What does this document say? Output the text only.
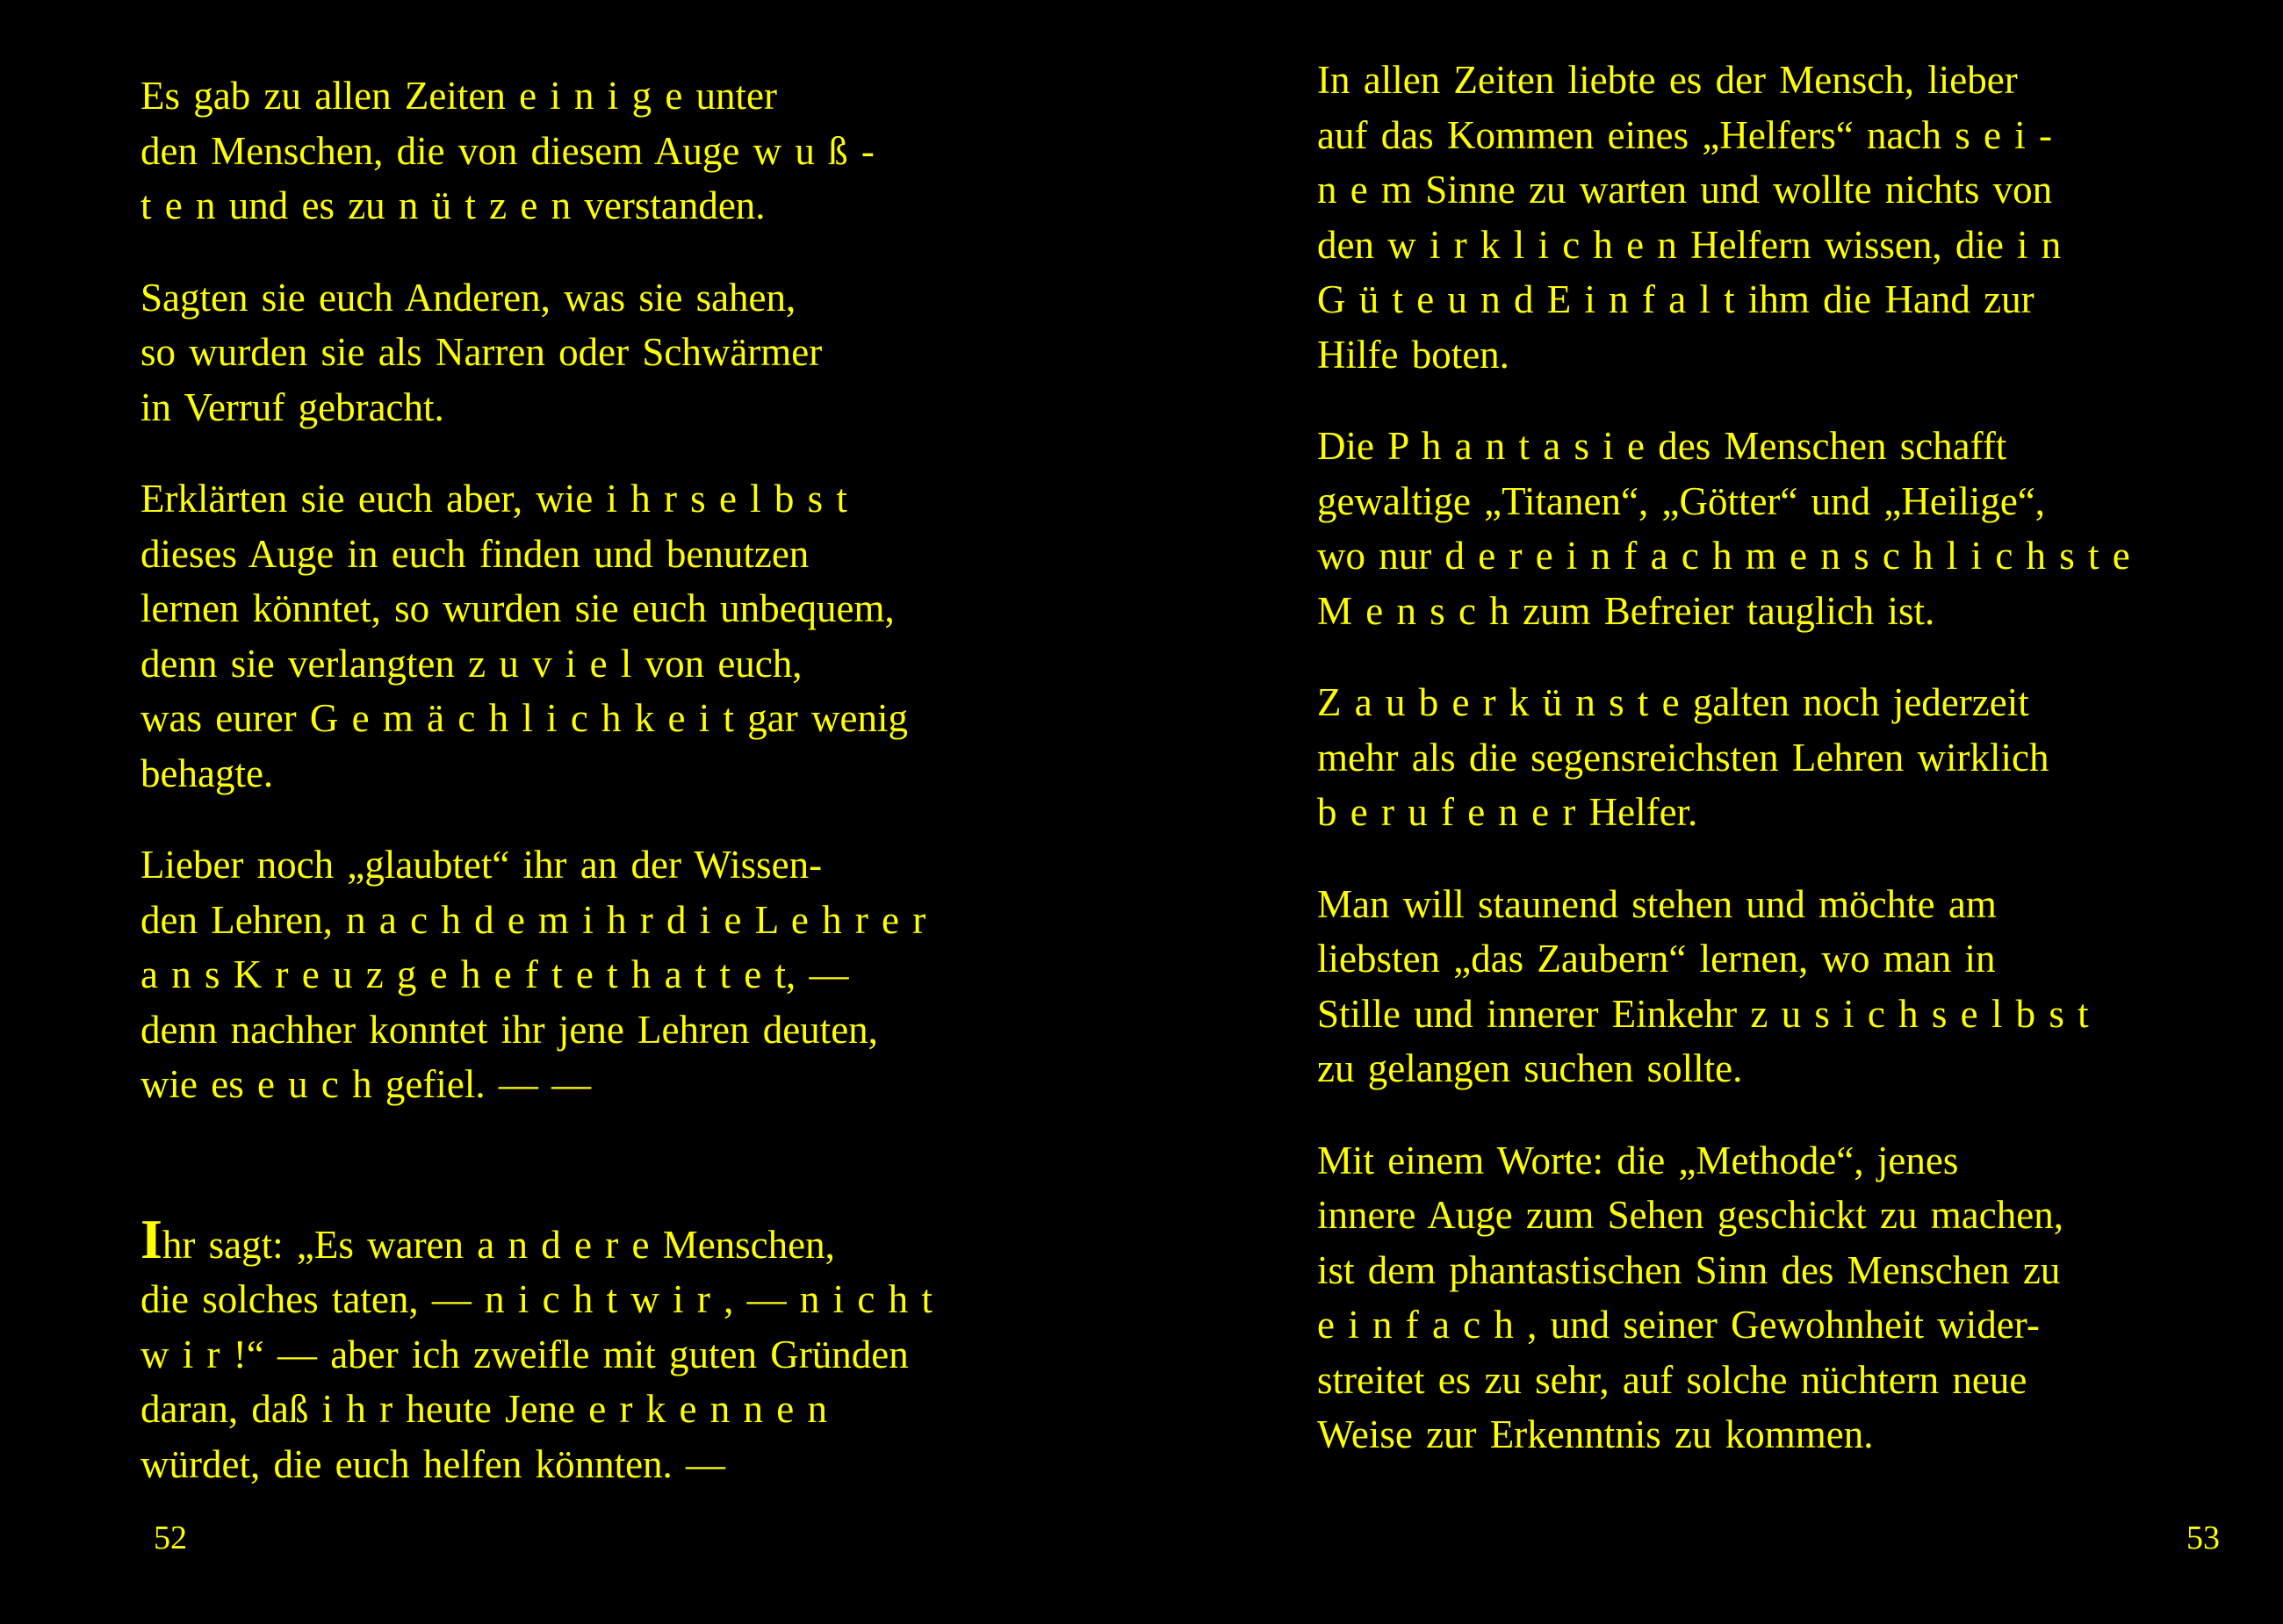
Es gab zu allen Zeiten e i n i g e unter
den Menschen, die von diesem Auge w u ß -
t e n und es zu n ü t z e n verstanden.

Sagten sie euch Anderen, was sie sahen,
so wurden sie als Narren oder Schwärmer
in Verruf gebracht.

Erklärten sie euch aber, wie i h r s e l b s t
dieses Auge in euch finden und benutzen
lernen könntet, so wurden sie euch unbequem,
denn sie verlangten z u v i e l von euch,
was eurer G e m ä c h l i c h k e i t gar wenig
behagte.

Lieber noch „glaubtet“ ihr an der Wissen-
den Lehren, n a c h d e m i h r d i e L e h r e r
a n s K r e u z g e h e f t e t h a t t e t, —
denn nachher konntet ihr jene Lehren deuten,
wie es e u c h gefiel. — —

Ihr sagt: „Es waren a n d e r e Menschen,
die solches taten, — n i c h t w i r , — n i c h t
w i r !“ — aber ich zweifle mit guten Gründen
daran, daß i h r heute Jene e r k e n n e n
würdet, die euch helfen könnten. —

52

In allen Zeiten liebte es der Mensch, lieber
auf das Kommen eines „Helfers“ nach s e i -
n e m Sinne zu warten und wollte nichts von
den w i r k l i c h e n Helfern wissen, die i n
G ü t e u n d E i n f a l t ihm die Hand zur
Hilfe boten.

Die P h a n t a s i e des Menschen schafft
gewaltige „Titanen“, „Götter“ und „Heilige“,
wo nur d e r e i n f a c h m e n s c h l i c h s t e
M e n s c h zum Befreier tauglich ist.

Z a u b e r k ü n s t e galten noch jederzeit
mehr als die segensreichsten Lehren wirklich
b e r u f e n e r Helfer.

Man will staunend stehen und möchte am
liebsten „das Zaubern“ lernen, wo man in
Stille und innerer Einkehr z u s i c h s e l b s t
zu gelangen suchen sollte.

Mit einem Worte: die „Methode“, jenes
innere Auge zum Sehen geschickt zu machen,
ist dem phantastischen Sinn des Menschen zu
e i n f a c h , und seiner Gewohnheit wider-
streitet es zu sehr, auf solche nüchtern neue
Weise zur Erkenntnis zu kommen.

53
